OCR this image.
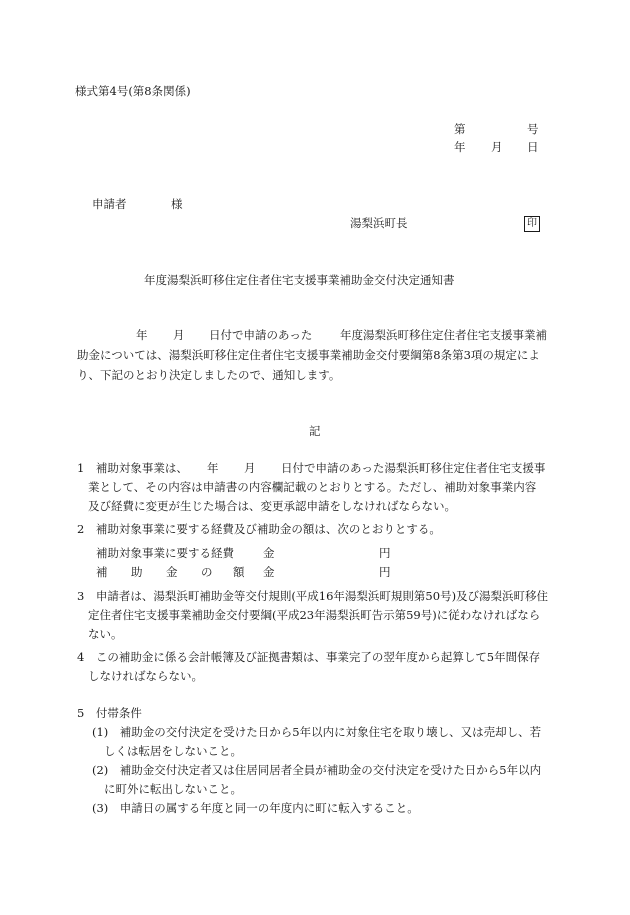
様式第4号(第8条関係)
第	号
年 月 日
申請者	様
湯梨浜町長	印
年度湯梨浜町移住定住者住宅支援事業補助金交付決定通知書
年 月 日付で申請のあった 年度湯梨浜町移住定住者住宅支援事業補
助金については、湯梨浜町移住定住者住宅支援事業補助金交付要綱第8条第3項の規定によ
り、下記のとおり決定しましたので、通知します。
記
1　補助対象事業は、 年 月 日付で申請のあった湯梨浜町移住定住者住宅支援事
業として、その内容は申請書の内容欄記載のとおりとする。ただし、補助対象事業内容
及び経費に変更が生じた場合は、変更承認申請をしなければならない。
2　補助対象事業に要する経費及び補助金の額は、次のとおりとする。
補助対象事業に要する経費	金	円
補 助 金 の 額 金	円
3　申請者は、湯梨浜町補助金等交付規則(平成16年湯梨浜町規則第50号)及び湯梨浜町移住
定住者住宅支援事業補助金交付要綱(平成23年湯梨浜町告示第59号)に従わなければなら
ない。
4　この補助金に係る会計帳簿及び証拠書類は、事業完了の翌年度から起算して5年間保存
しなければならない。
5　付帯条件
(1)　補助金の交付決定を受けた日から5年以内に対象住宅を取り壊し、又は売却し、若
しくは転居をしないこと。
(2)　補助金交付決定者又は住居同居者全員が補助金の交付決定を受けた日から5年以内
に町外に転出しないこと。
(3)　申請日の属する年度と同一の年度内に町に転入すること。
